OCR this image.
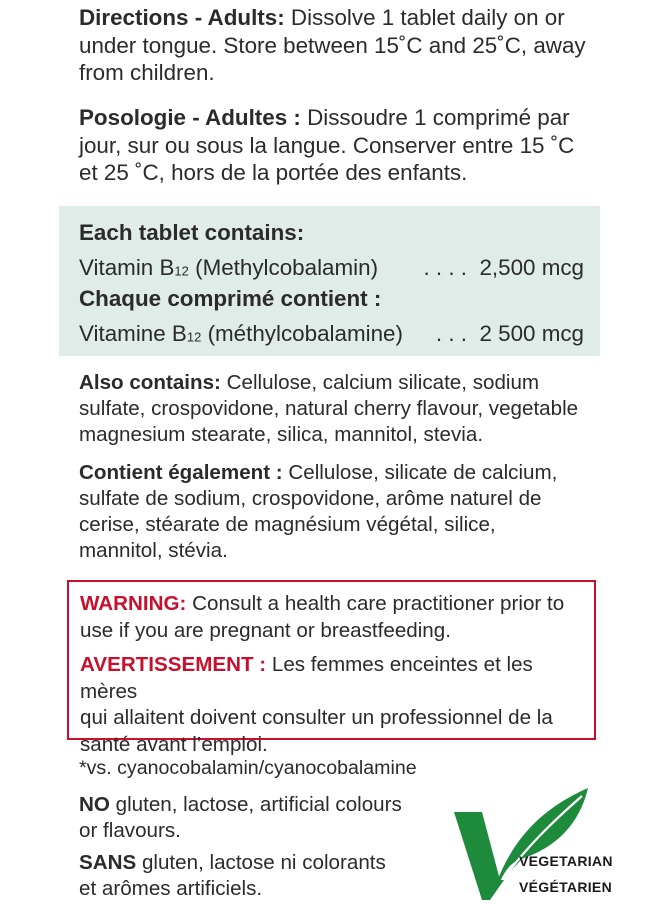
Directions - Adults: Dissolve 1 tablet daily on or
under tongue. Store between 15˚C and 25˚C, away
from children.

Posologie - Adultes : Dissoudre 1 comprimé par
jour, sur ou sous la langue. Conserver entre 15 ˚C
et 25 ˚C, hors de la portée des enfants.

Each tablet contains:
Vitamin B12 (Methylcobalamin) . . . . 2,500 mcg
Chaque comprimé contient :
Vitamine B12 (méthylcobalamine) . . . 2 500 mcg

Also contains: Cellulose, calcium silicate, sodium
sulfate, crospovidone, natural cherry flavour, vegetable
magnesium stearate, silica, mannitol, stevia.

Contient également : Cellulose, silicate de calcium,
sulfate de sodium, crospovidone, arôme naturel de
cerise, stéarate de magnésium végétal, silice,
mannitol, stévia.

WARNING: Consult a health care practitioner prior to
use if you are pregnant or breastfeeding.
AVERTISSEMENT : Les femmes enceintes et les mères
qui allaitent doivent consulter un professionnel de la
santé avant l’emploi.
*vs. cyanocobalamin/cyanocobalamine
NO gluten, lactose, artificial colours
or flavours.
SANS gluten, lactose ni colorants
et arômes artificiels.
VEGETARIAN
VÉGÉTARIEN
